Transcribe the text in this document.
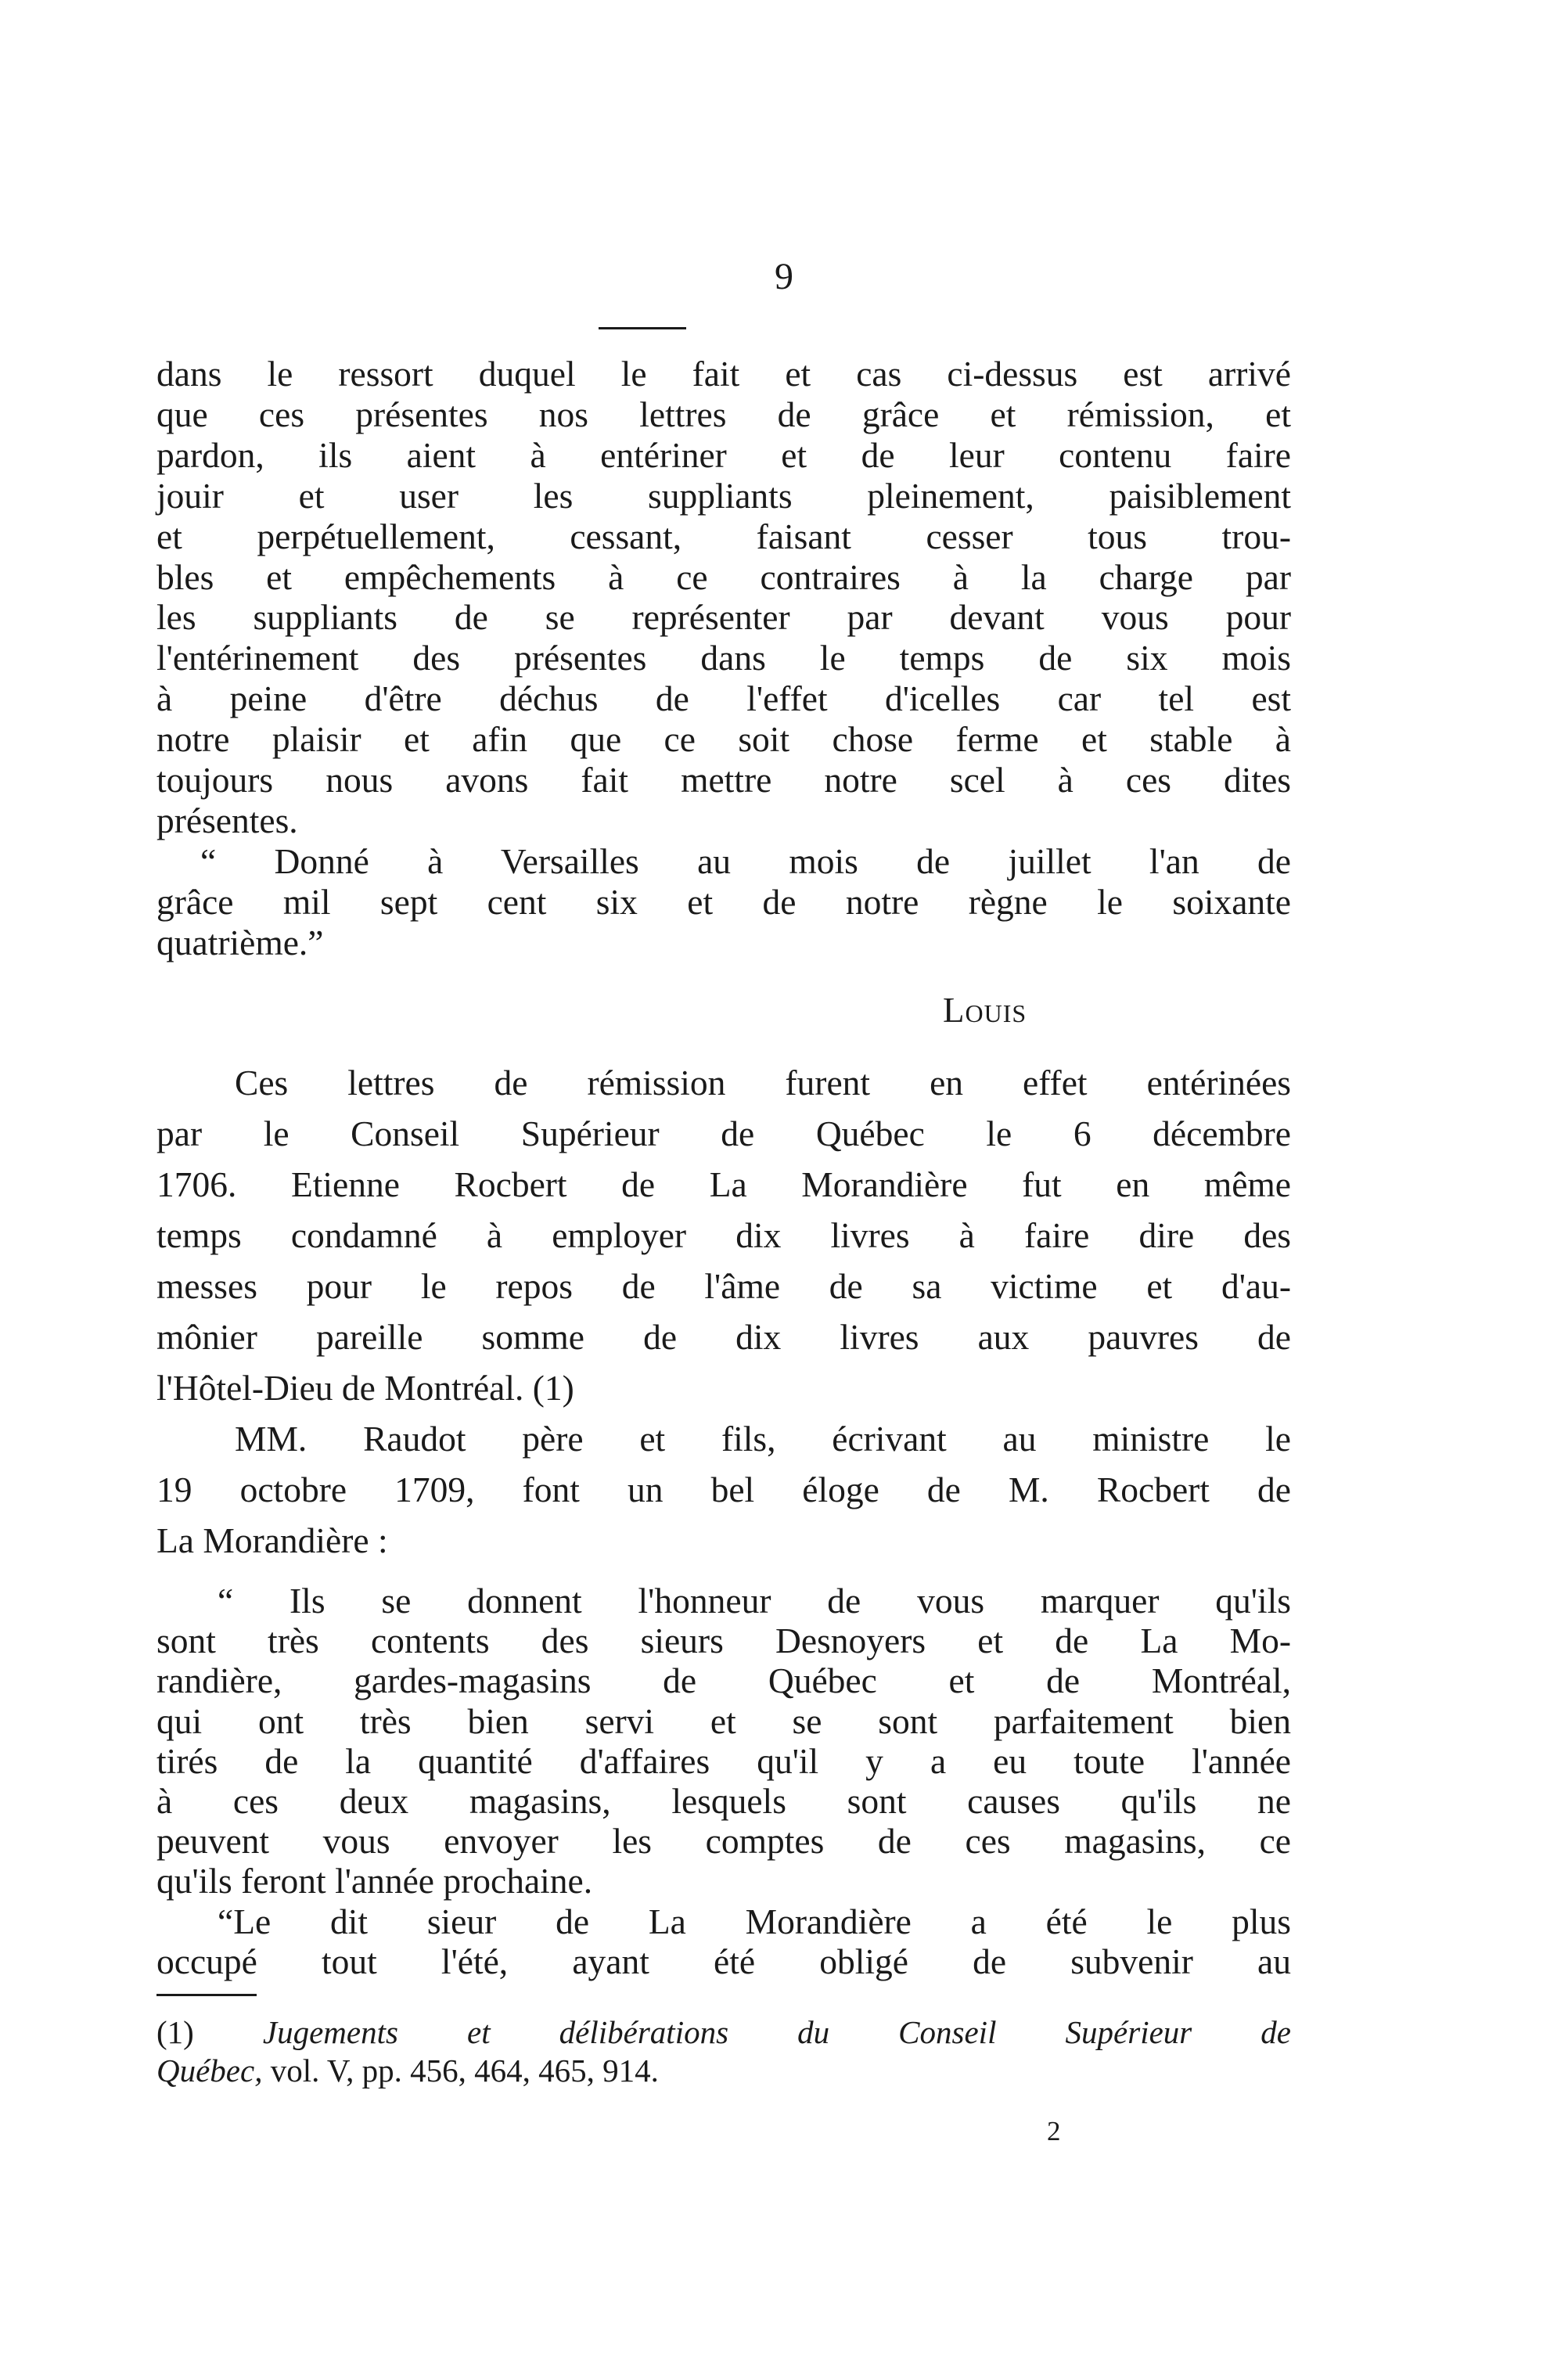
9
dans le ressort duquel le fait et cas ci-dessus est arrivé
que ces présentes nos lettres de grâce et rémission, et
pardon, ils aient à entériner et de leur contenu faire
jouir et user les suppliants pleinement, paisiblement
et perpétuellement, cessant, faisant cesser tous trou-
bles et empêchements à ce contraires à la charge par
les suppliants de se représenter par devant vous pour
l'entérinement des présentes dans le temps de six mois
à peine d'être déchus de l'effet d'icelles car tel est
notre plaisir et afin que ce soit chose ferme et stable à
toujours nous avons fait mettre notre scel à ces dites
présentes.
“ Donné à Versailles au mois de juillet l'an de
grâce mil sept cent six et de notre règne le soixante
quatrième.”
Louis
Ces lettres de rémission furent en effet entérinées
par le Conseil Supérieur de Québec le 6 décembre
1706. Etienne Rocbert de La Morandière fut en même
temps condamné à employer dix livres à faire dire des
messes pour le repos de l'âme de sa victime et d'au-
mônier pareille somme de dix livres aux pauvres de
l'Hôtel-Dieu de Montréal. (1)
MM. Raudot père et fils, écrivant au ministre le
19 octobre 1709, font un bel éloge de M. Rocbert de
La Morandière :
“ Ils se donnent l'honneur de vous marquer qu'ils
sont très contents des sieurs Desnoyers et de La Mo-
randière, gardes-magasins de Québec et de Montréal,
qui ont très bien servi et se sont parfaitement bien
tirés de la quantité d'affaires qu'il y a eu toute l'année
à ces deux magasins, lesquels sont causes qu'ils ne
peuvent vous envoyer les comptes de ces magasins, ce
qu'ils feront l'année prochaine.
“Le dit sieur de La Morandière a été le plus
occupé tout l'été, ayant été obligé de subvenir au

(1) Jugements et délibérations du Conseil Supérieur de

Québec, vol. V, pp. 456, 464, 465, 914.

2
